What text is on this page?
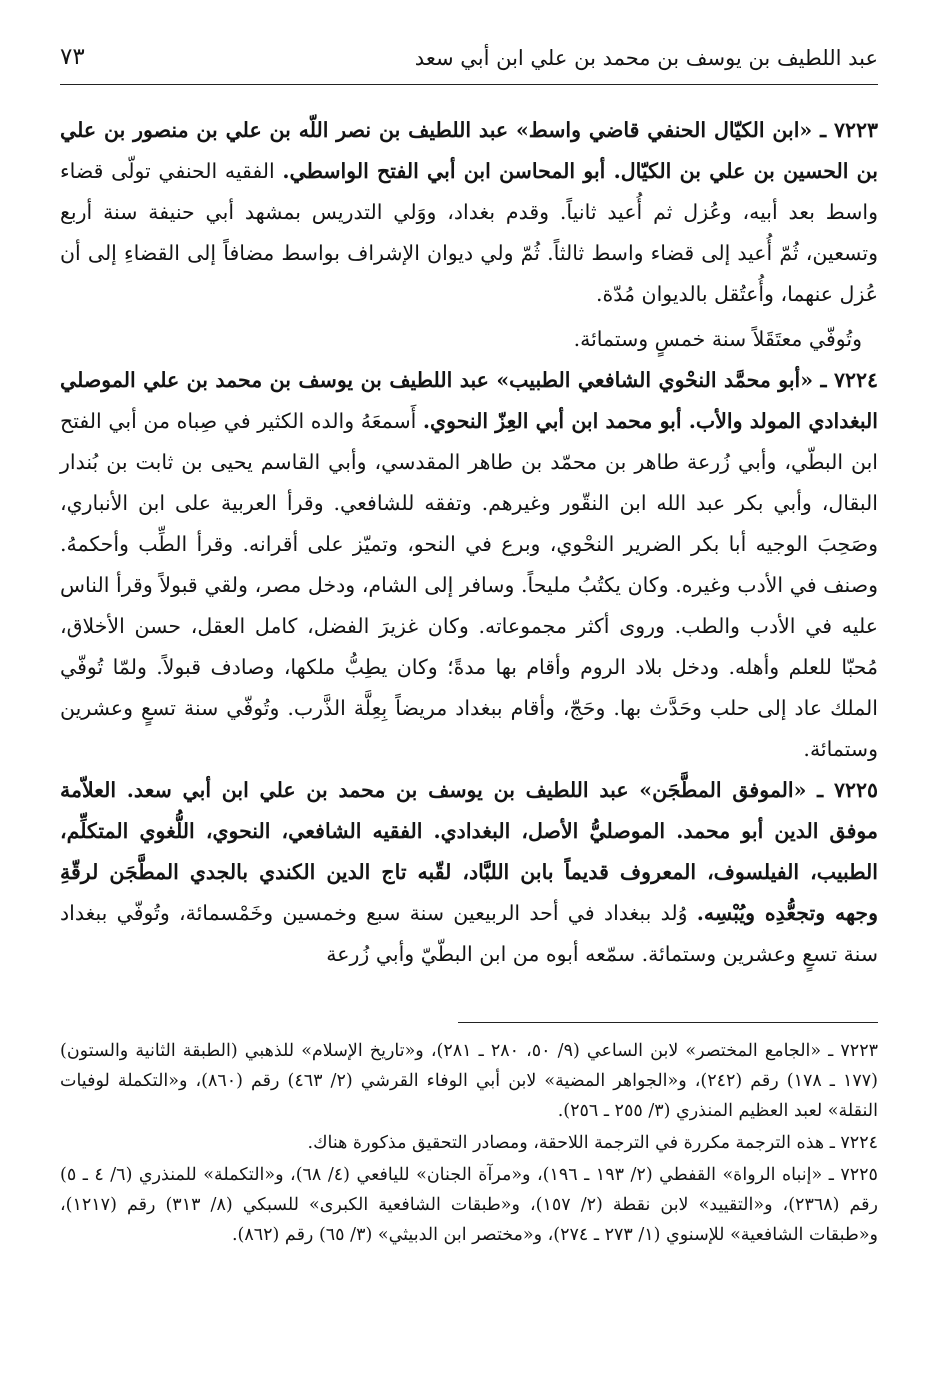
عبد اللطيف بن يوسف بن محمد بن علي ابن أبي سعد
٧٣

٧٢٢٣ ـ «ابن الكيّال الحنفي قاضي واسط» عبد اللطيف بن نصر اللّه بن علي بن منصور بن علي بن الحسين بن علي بن الكيّال. أبو المحاسن ابن أبي الفتح الواسطي. الفقيه الحنفي تولّى قضاء واسط بعد أبيه، وعُزل ثم أُعيد ثانياً. وقدم بغداد، ووَلي التدريس بمشهد أبي حنيفة سنة أربع وتسعين، ثُمّ أُعيد إلى قضاء واسط ثالثاً. ثُمّ ولي ديوان الإشراف بواسط مضافاً إلى القضاءِ إلى أن عُزل عنهما، وأُعتُقل بالديوان مُدّة.

وتُوفّي معتَقَلاً سنة خمسٍ وستمائة.

٧٢٢٤ ـ «أبو محمَّد النحْوي الشافعي الطبيب» عبد اللطيف بن يوسف بن محمد بن علي الموصلي البغدادي المولد والأب. أبو محمد ابن أبي العِزّ النحوي. أَسمعَهُ والده الكثير في صِباه من أبي الفتح ابن البطّي، وأبي زُرعة طاهر بن محمّد بن طاهر المقدسي، وأبي القاسم يحيى بن ثابت بن بُندار البقال، وأبي بكر عبد الله ابن النقّور وغيرهم. وتفقه للشافعي. وقرأ العربية على ابن الأنباري، وصَحِبَ الوجيه أبا بكر الضرير النحْوي، وبرع في النحو، وتميّز على أقرانه. وقرأ الطِّب وأحكمهُ. وصنف في الأدب وغيره. وكان يكتُبُ مليحاً. وسافر إلى الشام، ودخل مصر، ولقي قبولاً وقرأ الناس عليه في الأدب والطب. وروى أكثر مجموعاته. وكان غزيرَ الفضل، كامل العقل، حسن الأخلاق، مُحبّا للعلم وأهله. ودخل بلاد الروم وأقام بها مدةً؛ وكان يطِبُّ ملكها، وصادف قبولاً. ولمّا تُوفّي الملك عاد إلى حلب وحَدَّث بها. وحَجّ، وأقام ببغداد مريضاً بِعِلَّة الذَّرب. وتُوفّي سنة تسعٍ وعشرين وستمائة.

٧٢٢٥ ـ «الموفق المطَّجَن» عبد اللطيف بن يوسف بن محمد بن علي ابن أبي سعد. العلاّمة موفق الدين أبو محمد. الموصليُّ الأصل، البغدادي. الفقيه الشافعي، النحوي، اللُّغوي المتكلِّم، الطبيب، الفيلسوف، المعروف قديماً بابن اللبَّاد، لقّبه تاج الدين الكندي بالجدي المطَّجَن لرقّةِ وجهه وتجعُّدِه ويُبْسِه. وُلد ببغداد في أحد الربيعين سنة سبع وخمسين وخَمْسمائة، وتُوفّي ببغداد سنة تسعٍ وعشرين وستمائة. سمّعه أبوه من ابن البطّيّ وأبي زُرعة

٧٢٢٣ ـ «الجامع المختصر» لابن الساعي (٩/ ٥٠، ٢٨٠ ـ ٢٨١)، و«تاريخ الإسلام» للذهبي (الطبقة الثانية والستون) (١٧٧ ـ ١٧٨) رقم (٢٤٢)، و«الجواهر المضية» لابن أبي الوفاء القرشي (٢/ ٤٦٣) رقم (٨٦٠)، و«التكملة لوفيات النقلة» لعبد العظيم المنذري (٣/ ٢٥٥ ـ ٢٥٦).

٧٢٢٤ ـ هذه الترجمة مكررة في الترجمة اللاحقة، ومصادر التحقيق مذكورة هناك.

٧٢٢٥ ـ «إنباه الرواة» القفطي (٢/ ١٩٣ ـ ١٩٦)، و«مرآة الجنان» لليافعي (٤/ ٦٨)، و«التكملة» للمنذري (٦/ ٤ ـ ٥) رقم (٢٣٦٨)، و«التقييد» لابن نقطة (٢/ ١٥٧)، و«طبقات الشافعية الكبرى» للسبكي (٨/ ٣١٣) رقم (١٢١٧)، و«طبقات الشافعية» للإسنوي (١/ ٢٧٣ ـ ٢٧٤)، و«مختصر ابن الدبيثي» (٣/ ٦٥) رقم (٨٦٢).
